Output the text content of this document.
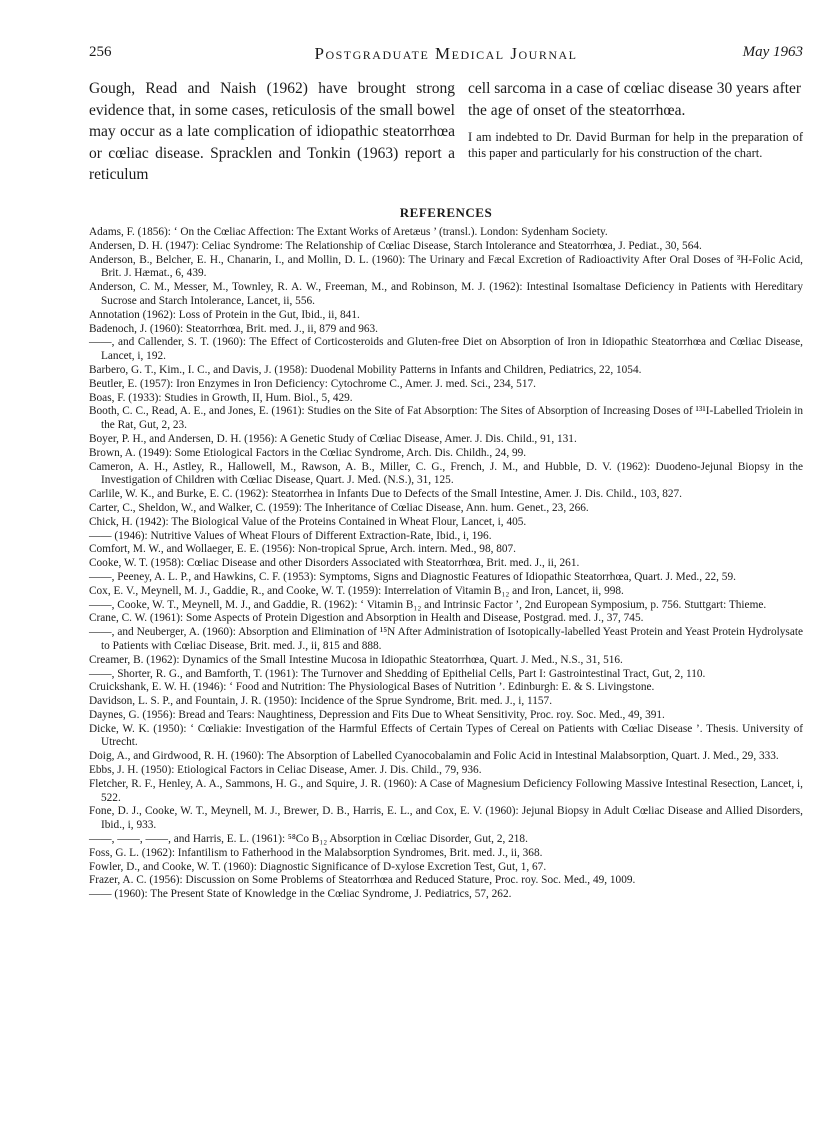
256	Postgraduate Medical Journal	May 1963
Gough, Read and Naish (1962) have brought strong evidence that, in some cases, reticulosis of the small bowel may occur as a late complication of idiopathic steatorrhœa or cœliac disease. Spracklen and Tonkin (1963) report a reticulum

cell sarcoma in a case of cœliac disease 30 years after the age of onset of the steatorrhœa.

I am indebted to Dr. David Burman for help in the preparation of this paper and particularly for his construction of the chart.

REFERENCES
Adams, F. (1856): ‘ On the Cœliac Affection: The Extant Works of Aretæus ’ (transl.). London: Sydenham Society.
Andersen, D. H. (1947): Celiac Syndrome: The Relationship of Cœliac Disease, Starch Intolerance and Steatorrhœa, J. Pediat., 30, 564.
Anderson, B., Belcher, E. H., Chanarin, I., and Mollin, D. L. (1960): The Urinary and Fæcal Excretion of Radioactivity After Oral Doses of ³H-Folic Acid, Brit. J. Hæmat., 6, 439.
Anderson, C. M., Messer, M., Townley, R. A. W., Freeman, M., and Robinson, M. J. (1962): Intestinal Isomaltase Deficiency in Patients with Hereditary Sucrose and Starch Intolerance, Lancet, ii, 556.
Annotation (1962): Loss of Protein in the Gut, Ibid., ii, 841.
Badenoch, J. (1960): Steatorrhœa, Brit. med. J., ii, 879 and 963.
——, and Callender, S. T. (1960): The Effect of Corticosteroids and Gluten-free Diet on Absorption of Iron in Idiopathic Steatorrhœa and Cœliac Disease, Lancet, i, 192.
Barbero, G. T., Kim., I. C., and Davis, J. (1958): Duodenal Mobility Patterns in Infants and Children, Pediatrics, 22, 1054.
Beutler, E. (1957): Iron Enzymes in Iron Deficiency: Cytochrome C., Amer. J. med. Sci., 234, 517.
Boas, F. (1933): Studies in Growth, II, Hum. Biol., 5, 429.
Booth, C. C., Read, A. E., and Jones, E. (1961): Studies on the Site of Fat Absorption: The Sites of Absorption of Increasing Doses of ¹³¹I-Labelled Triolein in the Rat, Gut, 2, 23.
Boyer, P. H., and Andersen, D. H. (1956): A Genetic Study of Cœliac Disease, Amer. J. Dis. Child., 91, 131.
Brown, A. (1949): Some Etiological Factors in the Cœliac Syndrome, Arch. Dis. Childh., 24, 99.
Cameron, A. H., Astley, R., Hallowell, M., Rawson, A. B., Miller, C. G., French, J. M., and Hubble, D. V. (1962): Duodeno-Jejunal Biopsy in the Investigation of Children with Cœliac Disease, Quart. J. Med. (N.S.), 31, 125.
Carlile, W. K., and Burke, E. C. (1962): Steatorrhea in Infants Due to Defects of the Small Intestine, Amer. J. Dis. Child., 103, 827.
Carter, C., Sheldon, W., and Walker, C. (1959): The Inheritance of Cœliac Disease, Ann. hum. Genet., 23, 266.
Chick, H. (1942): The Biological Value of the Proteins Contained in Wheat Flour, Lancet, i, 405.
—— (1946): Nutritive Values of Wheat Flours of Different Extraction-Rate, Ibid., i, 196.
Comfort, M. W., and Wollaeger, E. E. (1956): Non-tropical Sprue, Arch. intern. Med., 98, 807.
Cooke, W. T. (1958): Cœliac Disease and other Disorders Associated with Steatorrhœa, Brit. med. J., ii, 261.
——, Peeney, A. L. P., and Hawkins, C. F. (1953): Symptoms, Signs and Diagnostic Features of Idiopathic Steatorrhœa, Quart. J. Med., 22, 59.
Cox, E. V., Meynell, M. J., Gaddie, R., and Cooke, W. T. (1959): Interrelation of Vitamin B₁₂ and Iron, Lancet, ii, 998.
——, Cooke, W. T., Meynell, M. J., and Gaddie, R. (1962): ‘ Vitamin B₁₂ and Intrinsic Factor ’, 2nd European Symposium, p. 756. Stuttgart: Thieme.
Crane, C. W. (1961): Some Aspects of Protein Digestion and Absorption in Health and Disease, Postgrad. med. J., 37, 745.
——, and Neuberger, A. (1960): Absorption and Elimination of ¹⁵N After Administration of Isotopically-labelled Yeast Protein and Yeast Protein Hydrolysate to Patients with Cœliac Disease, Brit. med. J., ii, 815 and 888.
Creamer, B. (1962): Dynamics of the Small Intestine Mucosa in Idiopathic Steatorrhœa, Quart. J. Med., N.S., 31, 516.
——, Shorter, R. G., and Bamforth, T. (1961): The Turnover and Shedding of Epithelial Cells, Part I: Gastrointestinal Tract, Gut, 2, 110.
Cruickshank, E. W. H. (1946): ‘ Food and Nutrition: The Physiological Bases of Nutrition ’. Edinburgh: E. & S. Livingstone.
Davidson, L. S. P., and Fountain, J. R. (1950): Incidence of the Sprue Syndrome, Brit. med. J., i, 1157.
Daynes, G. (1956): Bread and Tears: Naughtiness, Depression and Fits Due to Wheat Sensitivity, Proc. roy. Soc. Med., 49, 391.
Dicke, W. K. (1950): ‘ Cœliakie: Investigation of the Harmful Effects of Certain Types of Cereal on Patients with Cœliac Disease ’. Thesis. University of Utrecht.
Doig, A., and Girdwood, R. H. (1960): The Absorption of Labelled Cyanocobalamin and Folic Acid in Intestinal Malabsorption, Quart. J. Med., 29, 333.
Ebbs, J. H. (1950): Etiological Factors in Celiac Disease, Amer. J. Dis. Child., 79, 936.
Fletcher, R. F., Henley, A. A., Sammons, H. G., and Squire, J. R. (1960): A Case of Magnesium Deficiency Following Massive Intestinal Resection, Lancet, i, 522.
Fone, D. J., Cooke, W. T., Meynell, M. J., Brewer, D. B., Harris, E. L., and Cox, E. V. (1960): Jejunal Biopsy in Adult Cœliac Disease and Allied Disorders, Ibid., i, 933.
——, ——, ——, and Harris, E. L. (1961): ⁵⁸Co B₁₂ Absorption in Cœliac Disorder, Gut, 2, 218.
Foss, G. L. (1962): Infantilism to Fatherhood in the Malabsorption Syndromes, Brit. med. J., ii, 368.
Fowler, D., and Cooke, W. T. (1960): Diagnostic Significance of D-xylose Excretion Test, Gut, 1, 67.
Frazer, A. C. (1956): Discussion on Some Problems of Steatorrhœa and Reduced Stature, Proc. roy. Soc. Med., 49, 1009.
—— (1960): The Present State of Knowledge in the Cœliac Syndrome, J. Pediatrics, 57, 262.
